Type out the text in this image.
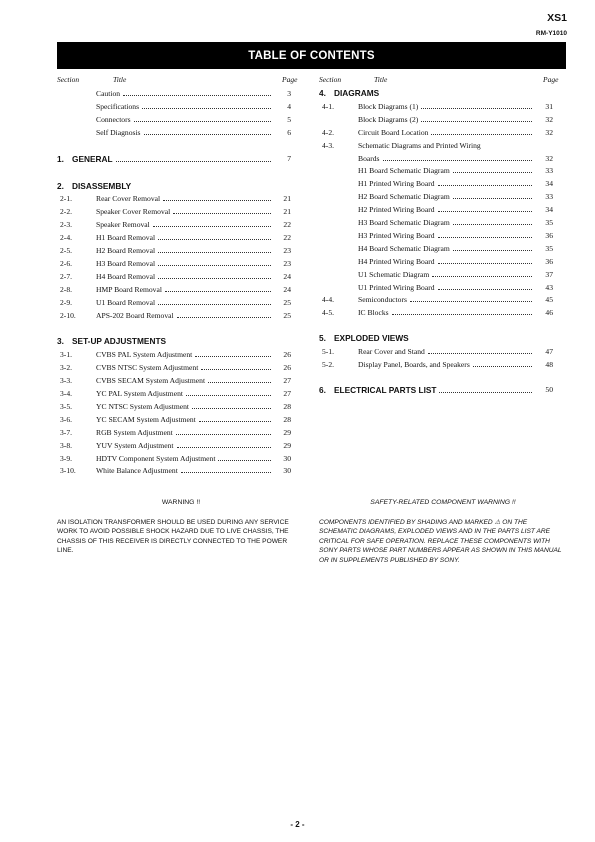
XS1
RM-Y1010
TABLE OF CONTENTS
Section	Title	Page	Section	Title	Page
Caution	3
Specifications	4
Connectors	5
Self Diagnosis	6
1. GENERAL	7
2. DISASSEMBLY
2-1.	Rear Cover Removal	21
2-2.	Speaker Cover Removal	21
2-3.	Speaker Removal	22
2-4.	H1 Board Removal	22
2-5.	H2 Board Removal	23
2-6.	H3 Board Removal	23
2-7.	H4 Board Removal	24
2-8.	HMP Board Removal	24
2-9.	U1 Board Removal	25
2-10.	APS-202 Board Removal	25
3. SET-UP ADJUSTMENTS
3-1.	CVBS PAL System Adjustment	26
3-2.	CVBS NTSC System Adjustment	26
3-3.	CVBS SECAM System Adjustment	27
3-4.	YC PAL System Adjustment	27
3-5.	YC NTSC System Adjustment	28
3-6.	YC SECAM System Adjustment	28
3-7.	RGB System Adjustment	29
3-8.	YUV System Adjustment	29
3-9.	HDTV Component System Adjustment	30
3-10.	White Balance Adjustment	30
4. DIAGRAMS
4-1.	Block Diagrams (1)	31
Block Diagrams (2)	32
4-2.	Circuit Board Location	32
4-3.	Schematic Diagrams and Printed Wiring
Boards	32
H1 Board Schematic Diagram	33
H1 Printed Wiring Board	34
H2 Board Schematic Diagram	33
H2 Printed Wiring Board	34
H3 Board Schematic Diagram	35
H3 Printed Wiring Board	36
H4 Board Schematic Diagram	35
H4 Printed Wiring Board	36
U1 Schematic Diagram	37
U1 Printed Wiring Board	43
4-4.	Semiconductors	45
4-5.	IC Blocks	46
5. EXPLODED VIEWS
5-1.	Rear Cover and Stand	47
5-2.	Display Panel, Boards, and Speakers	48
6. ELECTRICAL PARTS LIST	50
WARNING !!
AN ISOLATION TRANSFORMER SHOULD BE USED DURING ANY SERVICE WORK TO AVOID POSSIBLE SHOCK HAZARD DUE TO LIVE CHASSIS, THE CHASSIS OF THIS RECEIVER IS DIRECTLY CONNECTED TO THE POWER LINE.
SAFETY-RELATED COMPONENT WARNING !!
COMPONENTS IDENTIFIED BY SHADING AND MARKED ⚠ ON THE SCHEMATIC DIAGRAMS, EXPLODED VIEWS AND IN THE PARTS LIST ARE CRITICAL FOR SAFE OPERATION. REPLACE THESE COMPONENTS WITH SONY PARTS WHOSE PART NUMBERS APPEAR AS SHOWN IN THIS MANUAL OR IN SUPPLEMENTS PUBLISHED BY SONY.
- 2 -
